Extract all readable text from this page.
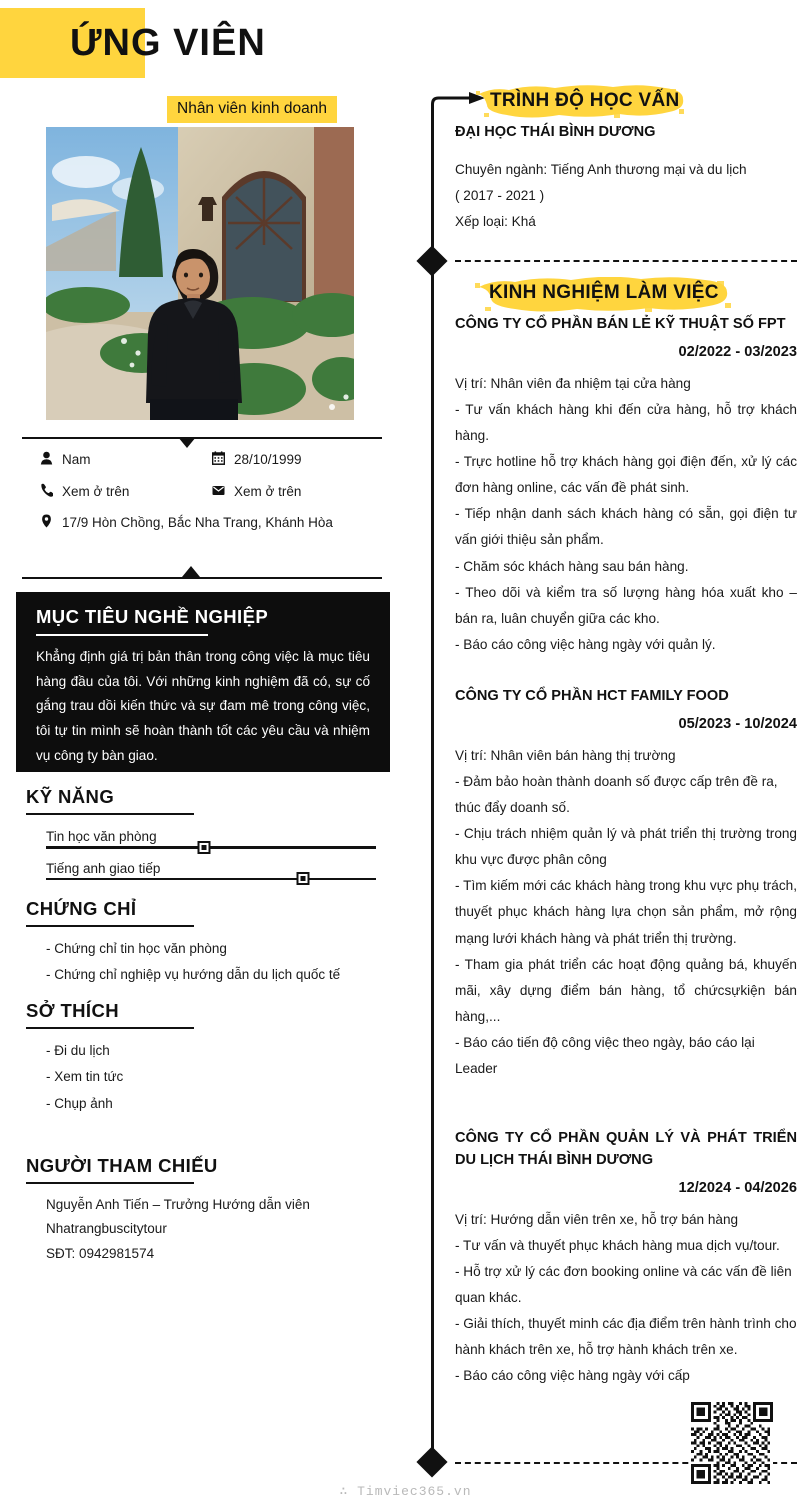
ỨNG VIÊN
Nhân viên kinh doanh
Nam	28/10/1999
Xem ở trên	Xem ở trên
17/9 Hòn Chồng, Bắc Nha Trang, Khánh Hòa
MỤC TIÊU NGHỀ NGHIỆP
Khẳng định giá trị bản thân trong công việc là mục tiêu hàng đầu của tôi. Với những kinh nghiệm đã có, sự cố gắng trau dồi kiến thức và sự đam mê trong công việc, tôi tự tin mình sẽ hoàn thành tốt các yêu cầu và nhiệm vụ công ty bàn giao.
KỸ NĂNG
Tin học văn phòng
Tiếng anh giao tiếp
CHỨNG CHỈ
- Chứng chỉ tin học văn phòng
- Chứng chỉ nghiệp vụ hướng dẫn du lịch quốc tế
SỞ THÍCH
- Đi du lịch
- Xem tin tức
- Chụp ảnh
NGƯỜI THAM CHIẾU
Nguyễn Anh Tiến – Trưởng Hướng dẫn viên
Nhatrangbuscitytour
SĐT: 0942981574
TRÌNH ĐỘ HỌC VẤN
ĐẠI HỌC THÁI BÌNH DƯƠNG
Chuyên ngành: Tiếng Anh thương mại và du lịch
( 2017 - 2021 )
Xếp loại: Khá
KINH NGHIỆM LÀM VIỆC
CÔNG TY CỔ PHẦN BÁN LẺ KỸ THUẬT SỐ FPT
02/2022 - 03/2023
Vị trí: Nhân viên đa nhiệm tại cửa hàng
- Tư vấn khách hàng khi đến cửa hàng, hỗ trợ khách hàng.
- Trực hotline hỗ trợ khách hàng gọi điện đến, xử lý các đơn hàng online, các vấn đề phát sinh.
- Tiếp nhận danh sách khách hàng có sẵn, gọi điện tư vấn giới thiệu sản phẩm.
- Chăm sóc khách hàng sau bán hàng.
- Theo dõi và kiểm tra số lượng hàng hóa xuất kho – bán ra, luân chuyển giữa các kho.
- Báo cáo công việc hàng ngày với quản lý.
CÔNG TY CỔ PHẦN HCT FAMILY FOOD
05/2023 - 10/2024
Vị trí: Nhân viên bán hàng thị trường
- Đảm bảo hoàn thành doanh số được cấp trên đề ra, thúc đẩy doanh số.
- Chịu trách nhiệm quản lý và phát triển thị trường trong khu vực được phân công
- Tìm kiếm mới các khách hàng trong khu vực phụ trách, thuyết phục khách hàng lựa chọn sản phẩm, mở rộng mạng lưới khách hàng và phát triển thị trường.
- Tham gia phát triển các hoạt động quảng bá, khuyến mãi, xây dựng điểm bán hàng, tổ chứcsựkiện bán hàng,...
- Báo cáo tiến độ công việc theo ngày, báo cáo lại Leader
CÔNG TY CỔ PHẦN QUẢN LÝ VÀ PHÁT TRIỂN DU LỊCH THÁI BÌNH DƯƠNG
12/2024 - 04/2026
Vị trí: Hướng dẫn viên trên xe, hỗ trợ bán hàng
- Tư vấn và thuyết phục khách hàng mua dịch vụ/tour.
- Hỗ trợ xử lý các đơn booking online và các vấn đề liên quan khác.
- Giải thích, thuyết minh các địa điểm trên hành trình cho hành khách trên xe, hỗ trợ hành khách trên xe.
- Báo cáo công việc hàng ngày với cấp
∴ Timviec365.vn
